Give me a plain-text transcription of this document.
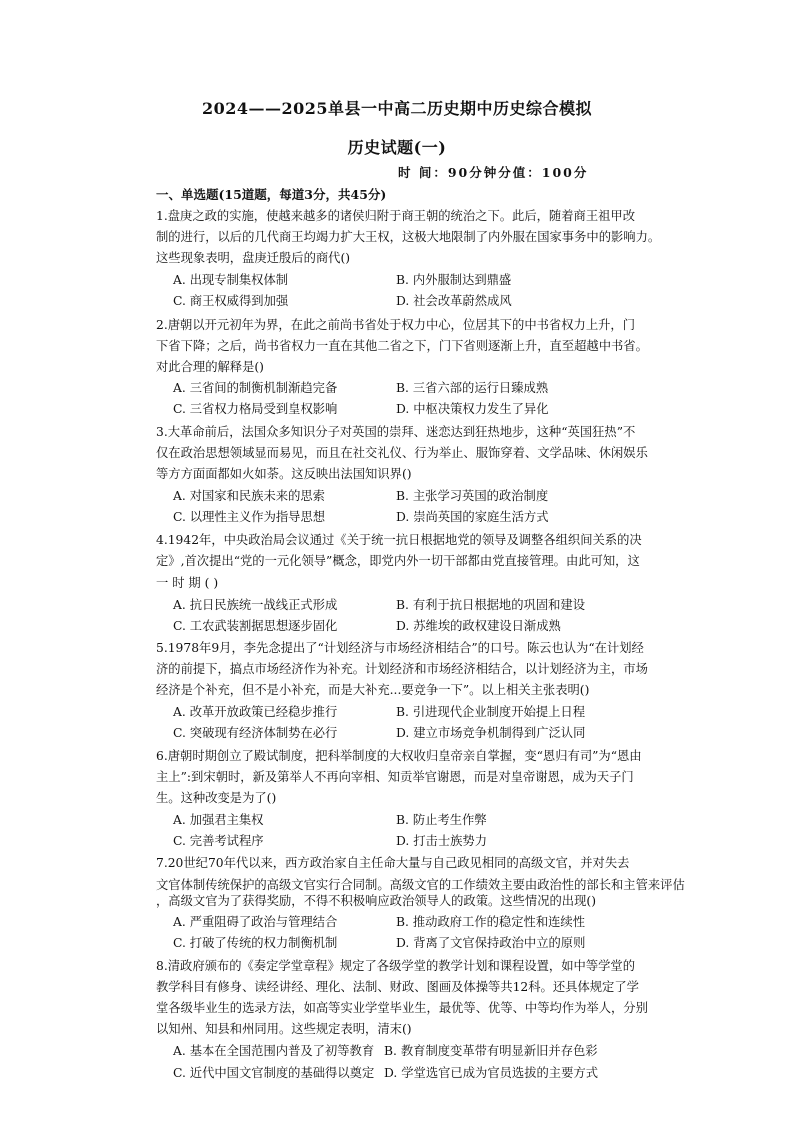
2024——2025单县一中高二历史期中历史综合模拟
历史试题(一)
时 间：90分钟分值：100分
一、单选题(15道题，每道3分，共45分)
1.盘庚之政的实施，使越来越多的诸侯归附于商王朝的统治之下。此后，随着商王祖甲改
制的进行，以后的几代商王均竭力扩大王权，这极大地限制了内外服在国家事务中的影响力。
这些现象表明，盘庚迁殷后的商代()
A. 出现专制集权体制	B. 内外服制达到鼎盛
C. 商王权威得到加强	D. 社会改革蔚然成风
2.唐朝以开元初年为界，在此之前尚书省处于权力中心，位居其下的中书省权力上升，门
下省下降；之后，尚书省权力一直在其他二省之下，门下省则逐渐上升，直至超越中书省。
对此合理的解释是()
A. 三省间的制衡机制渐趋完备	B. 三省六部的运行日臻成熟
C. 三省权力格局受到皇权影响	D. 中枢决策权力发生了异化
3.大革命前后，法国众多知识分子对英国的崇拜、迷恋达到狂热地步，这种“英国狂热”不
仅在政治思想领域显而易见，而且在社交礼仪、行为举止、服饰穿着、文学品味、休闲娱乐
等方方面面都如火如荼。这反映出法国知识界()
A. 对国家和民族未来的思索	B. 主张学习英国的政治制度
C. 以理性主义作为指导思想	D. 崇尚英国的家庭生活方式
4.1942年，中央政治局会议通过《关于统一抗日根据地党的领导及调整各组织间关系的决
定》,首次提出“党的一元化领导”概念，即党内外一切干部都由党直接管理。由此可知，这
一 时 期 ( )
A. 抗日民族统一战线正式形成	B. 有利于抗日根据地的巩固和建设
C. 工农武装割据思想逐步固化	D. 苏维埃的政权建设日渐成熟
5.1978年9月，李先念提出了“计划经济与市场经济相结合”的口号。陈云也认为“在计划经
济的前提下，搞点市场经济作为补充。计划经济和市场经济相结合，以计划经济为主，市场
经济是个补充，但不是小补充，而是大补充...要竞争一下”。以上相关主张表明()
A. 改革开放政策已经稳步推行	B. 引进现代企业制度开始提上日程
C. 突破现有经济体制势在必行	D. 建立市场竞争机制得到广泛认同
6.唐朝时期创立了殿试制度，把科举制度的大权收归皇帝亲自掌握，变“恩归有司”为“恩由
主上”:到宋朝时，新及第举人不再向宰相、知贡举官谢恩，而是对皇帝谢恩，成为天子门
生。这种改变是为了()
A. 加强君主集权	B. 防止考生作弊
C. 完善考试程序	D. 打击士族势力
7.20世纪70年代以来，西方政治家自主任命大量与自己政见相同的高级文官，并对失去
文官体制传统保护的高级文官实行合同制。高级文官的工作绩效主要由政治性的部长和主管来评估
，高级文官为了获得奖励，不得不积极响应政治领导人的政策。这些情况的出现()
A. 严重阻碍了政治与管理结合	B. 推动政府工作的稳定性和连续性
C. 打破了传统的权力制衡机制	D. 背离了文官保持政治中立的原则
8.清政府颁布的《奏定学堂章程》规定了各级学堂的教学计划和课程设置，如中等学堂的
教学科目有修身、读经讲经、理化、法制、财政、图画及体操等共12科。还具体规定了学
堂各级毕业生的选录方法，如高等实业学堂毕业生，最优等、优等、中等均作为举人，分别
以知州、知县和州同用。这些规定表明，清末()
A. 基本在全国范围内普及了初等教育 B. 教育制度变革带有明显新旧并存色彩
C. 近代中国文官制度的基础得以奠定 D. 学堂选官已成为官员选拔的主要方式
